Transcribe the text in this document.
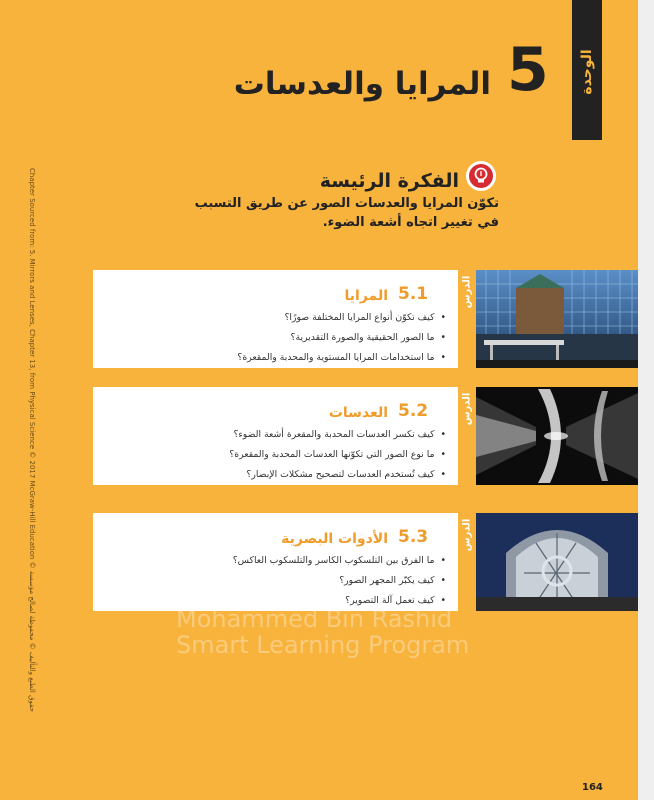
الوحدة
5
المرايا والعدسات
الفكرة الرئيسة
تكوّن المرايا والعدسات الصور عن طريق التسبب في تغيير اتجاه أشعة الضوء.
Chapter Sourced from: 5. Mirrors and Lenses, Chapter 13, from Physical Science © 2017 McGraw-Hill Education © حقوق الطبع والتأليف © محفوظة لصالح مؤسسة
الدرس
5.1
المرايا
• كيف تكوّن أنواع المرايا المختلفة صورًا؟
• ما الصور الحقيقية والصورة التقديرية؟
• ما استخدامات المرايا المستوية والمحدبة والمقعرة؟
الدرس
5.2
العدسات
• كيف تكسر العدسات المحدبة والمقعرة أشعة الضوء؟
• ما نوع الصور التي تكوّنها العدسات المحدبة والمقعرة؟
• كيف تُستخدم العدسات لتصحيح مشكلات الإبصار؟
الدرس
5.3
الأدوات البصرية
• ما الفرق بين التلسكوب الكاسر والتلسكوب العاكس؟
• كيف يكبّر المجهر الصور؟
• كيف تعمل آلة التصوير؟
Mohammed Bin Rashid
Smart Learning Program
164
